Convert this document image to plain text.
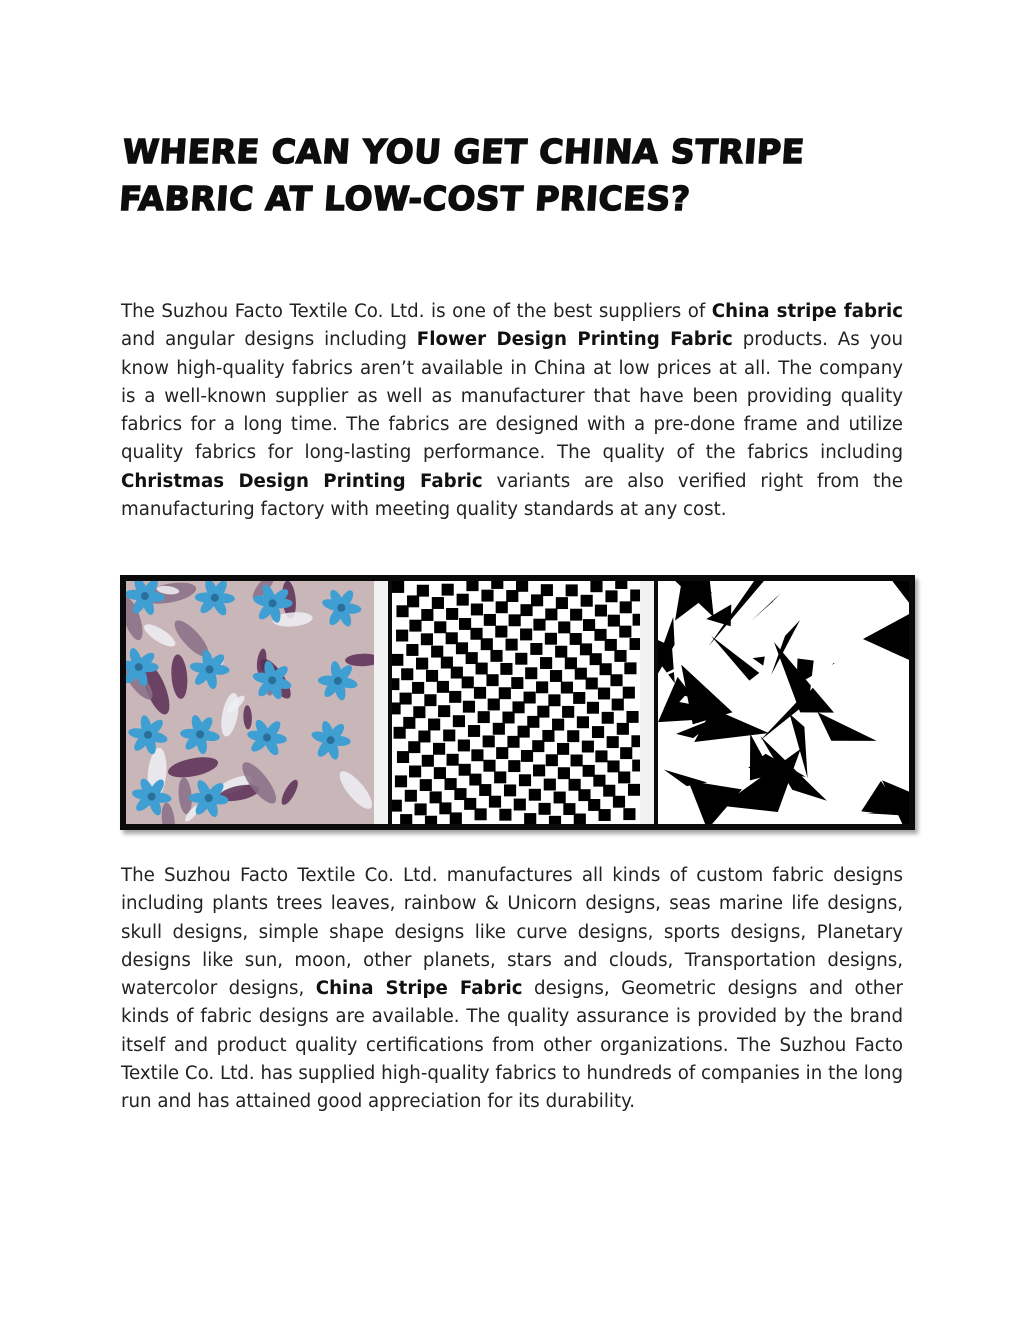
WHERE CAN YOU GET CHINA STRIPE
FABRIC AT LOW-COST PRICES?

The Suzhou Facto Textile Co. Ltd. is one of the best suppliers of China stripe fabric and angular designs including Flower Design Printing Fabric products. As you know high-quality fabrics aren’t available in China at low prices at all. The company is a well-known supplier as well as manufacturer that have been providing quality fabrics for a long time. The fabrics are designed with a pre-done frame and utilize quality fabrics for long-lasting performance. The quality of the fabrics including Christmas Design Printing Fabric variants are also verified right from the manufacturing factory with meeting quality standards at any cost.

The Suzhou Facto Textile Co. Ltd. manufactures all kinds of custom fabric designs including plants trees leaves, rainbow & Unicorn designs, seas marine life designs, skull designs, simple shape designs like curve designs, sports designs, Planetary designs like sun, moon, other planets, stars and clouds, Transportation designs, watercolor designs, China Stripe Fabric designs, Geometric designs and other kinds of fabric designs are available. The quality assurance is provided by the brand itself and product quality certifications from other organizations. The Suzhou Facto Textile Co. Ltd. has supplied high-quality fabrics to hundreds of companies in the long run and has attained good appreciation for its durability.
